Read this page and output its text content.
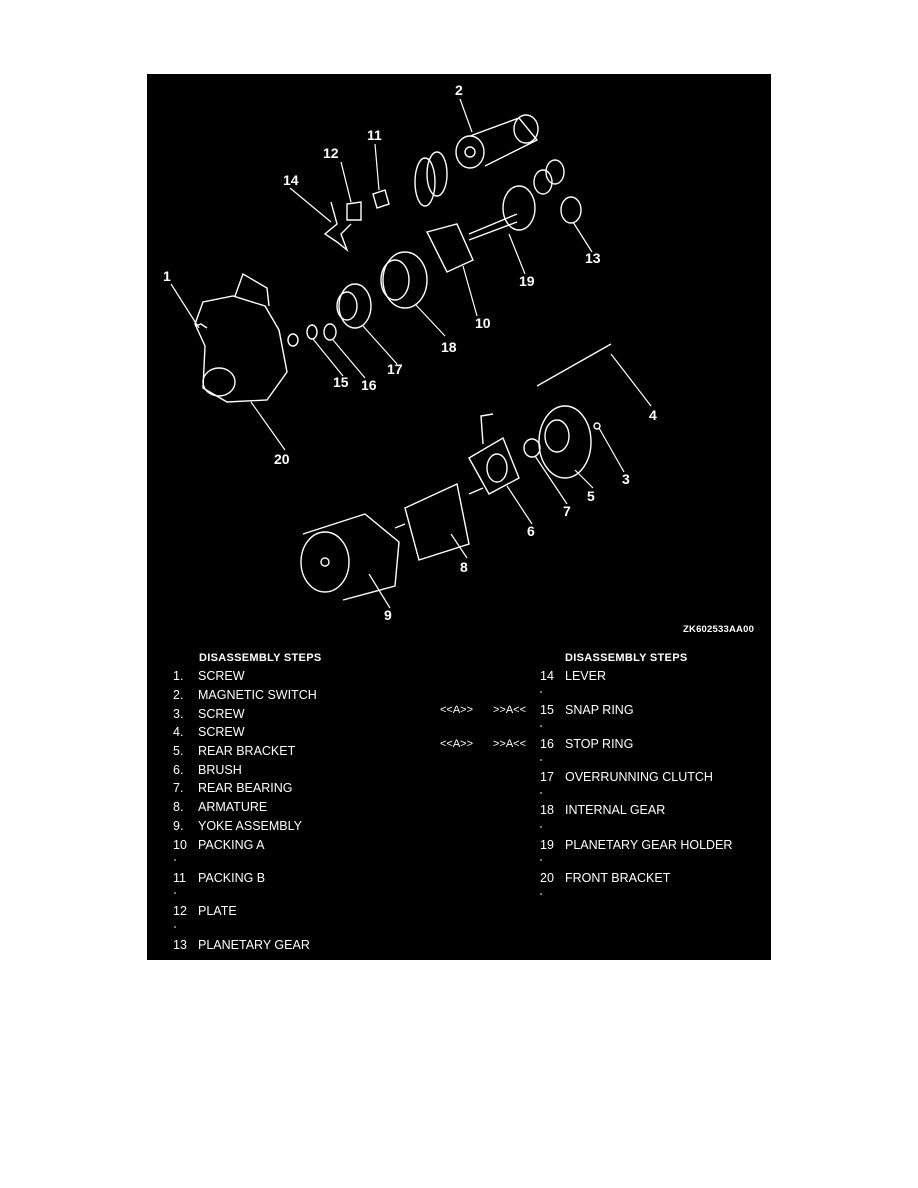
2
11
12
14
13
19
10
18
17
16
15
1
20
4
3
5
7
6
8
9
ZK602533AA00
DISASSEMBLY STEPS	DISASSEMBLY STEPS
1. SCREW
2. MAGNETIC SWITCH
3. SCREW
4. SCREW
5. REAR BRACKET
6. BRUSH
7. REAR BEARING
8. ARMATURE
9. YOKE ASSEMBLY
10 PACKING A
11 PACKING B
12 PLATE
13 PLANETARY GEAR
14 LEVER
<<A>> >>A<< 15 SNAP RING
<<A>> >>A<< 16 STOP RING
17 OVERRUNNING CLUTCH
18 INTERNAL GEAR
19 PLANETARY GEAR HOLDER
20 FRONT BRACKET
